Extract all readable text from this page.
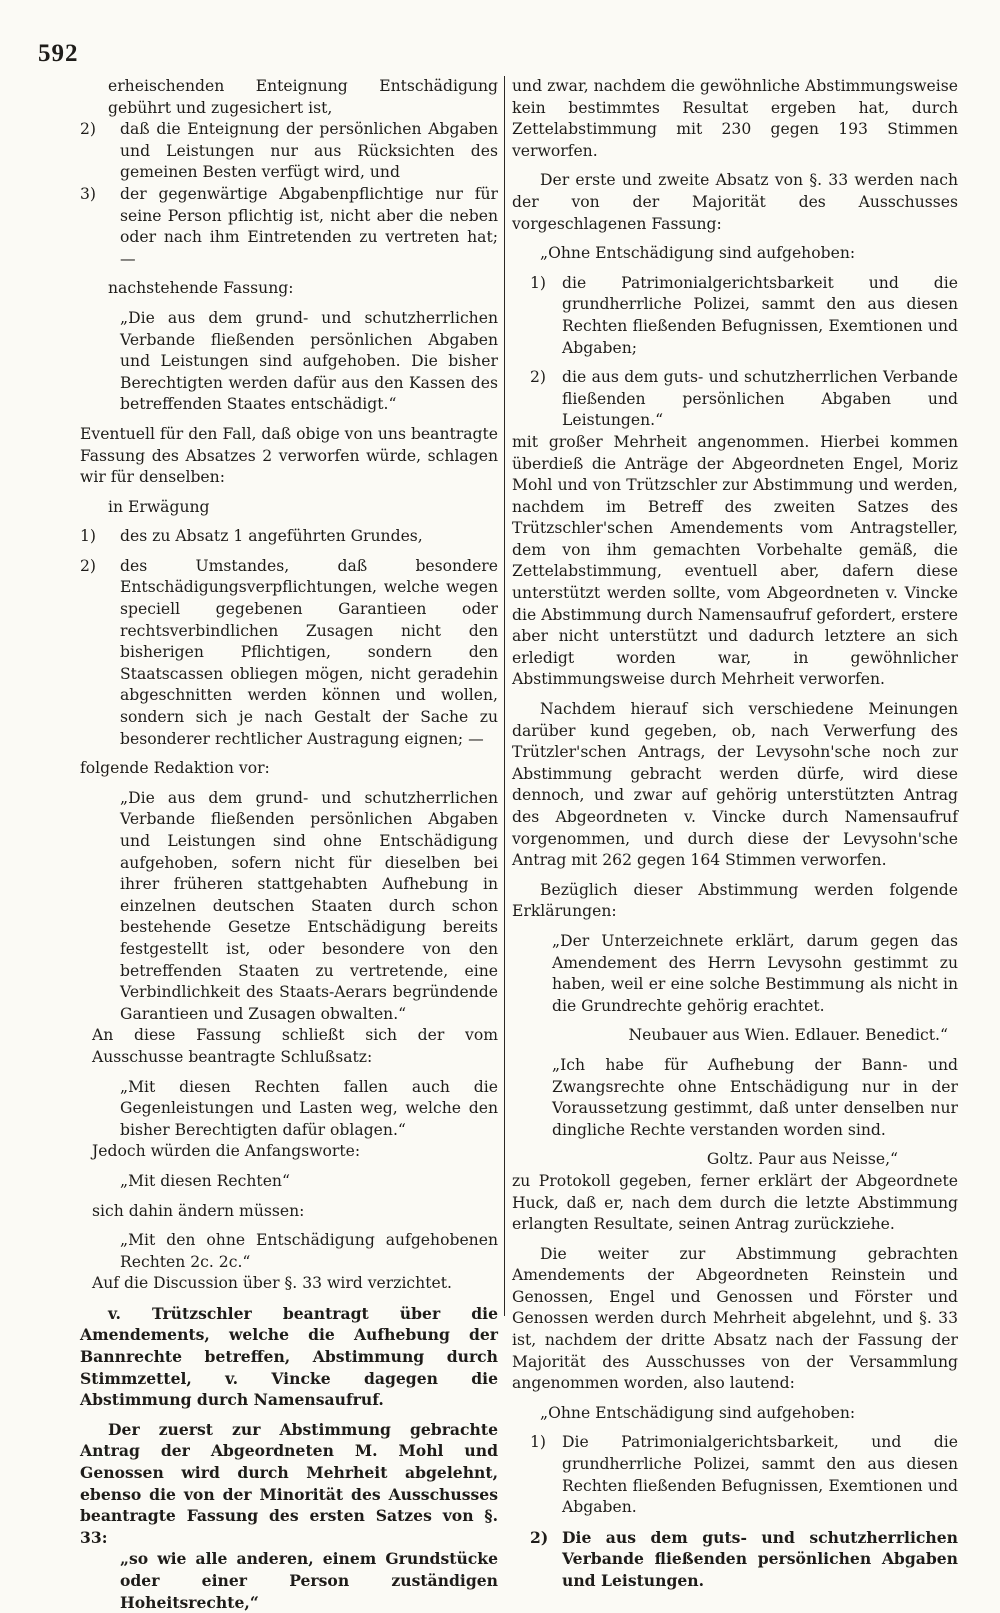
592

erheischenden Enteignung Entschädigung gebührt und zugesichert ist,

2) daß die Enteignung der persönlichen Abgaben und Leistungen nur aus Rücksichten des gemeinen Besten verfügt wird, und

3) der gegenwärtige Abgabenpflichtige nur für seine Person pflichtig ist, nicht aber die neben oder nach ihm Eintretenden zu vertreten hat; —

nachstehende Fassung:

„Die aus dem grund- und schutzherrlichen Verbande fließenden persönlichen Abgaben und Leistungen sind aufgehoben. Die bisher Berechtigten werden dafür aus den Kassen des betreffenden Staates entschädigt.“

Eventuell für den Fall, daß obige von uns beantragte Fassung des Absatzes 2 verworfen würde, schlagen wir für denselben:

in Erwägung

1) des zu Absatz 1 angeführten Grundes,

2) des Umstandes, daß besondere Entschädigungsverpflichtungen, welche wegen speciell gegebenen Garantieen oder rechtsverbindlichen Zusagen nicht den bisherigen Pflichtigen, sondern den Staatscassen obliegen mögen, nicht geradehin abgeschnitten werden können und wollen, sondern sich je nach Gestalt der Sache zu besonderer rechtlicher Austragung eignen; —

folgende Redaktion vor:

„Die aus dem grund- und schutzherrlichen Verbande fließenden persönlichen Abgaben und Leistungen sind ohne Entschädigung aufgehoben, sofern nicht für dieselben bei ihrer früheren stattgehabten Aufhebung in einzelnen deutschen Staaten durch schon bestehende Gesetze Entschädigung bereits festgestellt ist, oder besondere von den betreffenden Staaten zu vertretende, eine Verbindlichkeit des Staats-Aerars begründende Garantieen und Zusagen obwalten.“

An diese Fassung schließt sich der vom Ausschusse beantragte Schlußsatz:

„Mit diesen Rechten fallen auch die Gegenleistungen und Lasten weg, welche den bisher Berechtigten dafür oblagen.“

Jedoch würden die Anfangsworte:

„Mit diesen Rechten“

sich dahin ändern müssen:

„Mit den ohne Entschädigung aufgehobenen Rechten 2c. 2c.“

Auf die Discussion über §. 33 wird verzichtet.

v. Trützschler beantragt über die Amendements, welche die Aufhebung der Bannrechte betreffen, Abstimmung durch Stimmzettel, v. Vincke dagegen die Abstimmung durch Namensaufruf.

Der zuerst zur Abstimmung gebrachte Antrag der Abgeordneten M. Mohl und Genossen wird durch Mehrheit abgelehnt, ebenso die von der Minorität des Ausschusses beantragte Fassung des ersten Satzes von §. 33:

„so wie alle anderen, einem Grundstücke oder einer Person zuständigen Hoheitsrechte,“

und zwar, nachdem die gewöhnliche Abstimmungsweise kein bestimmtes Resultat ergeben hat, durch Zettelabstimmung mit 230 gegen 193 Stimmen verworfen.

Der erste und zweite Absatz von §. 33 werden nach der von der Majorität des Ausschusses vorgeschlagenen Fassung:

„Ohne Entschädigung sind aufgehoben:

1) die Patrimonialgerichtsbarkeit und die grundherrliche Polizei, sammt den aus diesen Rechten fließenden Befugnissen, Exemtionen und Abgaben;

2) die aus dem guts- und schutzherrlichen Verbande fließenden persönlichen Abgaben und Leistungen.“

mit großer Mehrheit angenommen. Hierbei kommen überdieß die Anträge der Abgeordneten Engel, Moriz Mohl und von Trützschler zur Abstimmung und werden, nachdem im Betreff des zweiten Satzes des Trützschler'schen Amendements vom Antragsteller, dem von ihm gemachten Vorbehalte gemäß, die Zettelabstimmung, eventuell aber, dafern diese unterstützt werden sollte, vom Abgeordneten v. Vincke die Abstimmung durch Namensaufruf gefordert, erstere aber nicht unterstützt und dadurch letztere an sich erledigt worden war, in gewöhnlicher Abstimmungsweise durch Mehrheit verworfen.

Nachdem hierauf sich verschiedene Meinungen darüber kund gegeben, ob, nach Verwerfung des Trützler'schen Antrags, der Levysohn'sche noch zur Abstimmung gebracht werden dürfe, wird diese dennoch, und zwar auf gehörig unterstützten Antrag des Abgeordneten v. Vincke durch Namensaufruf vorgenommen, und durch diese der Levysohn'sche Antrag mit 262 gegen 164 Stimmen verworfen.

Bezüglich dieser Abstimmung werden folgende Erklärungen:

„Der Unterzeichnete erklärt, darum gegen das Amendement des Herrn Levysohn gestimmt zu haben, weil er eine solche Bestimmung als nicht in die Grundrechte gehörig erachtet.

Neubauer aus Wien. Edlauer. Benedict.“

„Ich habe für Aufhebung der Bann- und Zwangsrechte ohne Entschädigung nur in der Voraussetzung gestimmt, daß unter denselben nur dingliche Rechte verstanden worden sind.

Goltz. Paur aus Neisse,“

zu Protokoll gegeben, ferner erklärt der Abgeordnete Huck, daß er, nach dem durch die letzte Abstimmung erlangten Resultate, seinen Antrag zurückziehe.

Die weiter zur Abstimmung gebrachten Amendements der Abgeordneten Reinstein und Genossen, Engel und Genossen und Förster und Genossen werden durch Mehrheit abgelehnt, und §. 33 ist, nachdem der dritte Absatz nach der Fassung der Majorität des Ausschusses von der Versammlung angenommen worden, also lautend:

„Ohne Entschädigung sind aufgehoben:

1) Die Patrimonialgerichtsbarkeit, und die grundherrliche Polizei, sammt den aus diesen Rechten fließenden Befugnissen, Exemtionen und Abgaben.

2) Die aus dem guts- und schutzherrlichen Verbande fließenden persönlichen Abgaben und Leistungen.
